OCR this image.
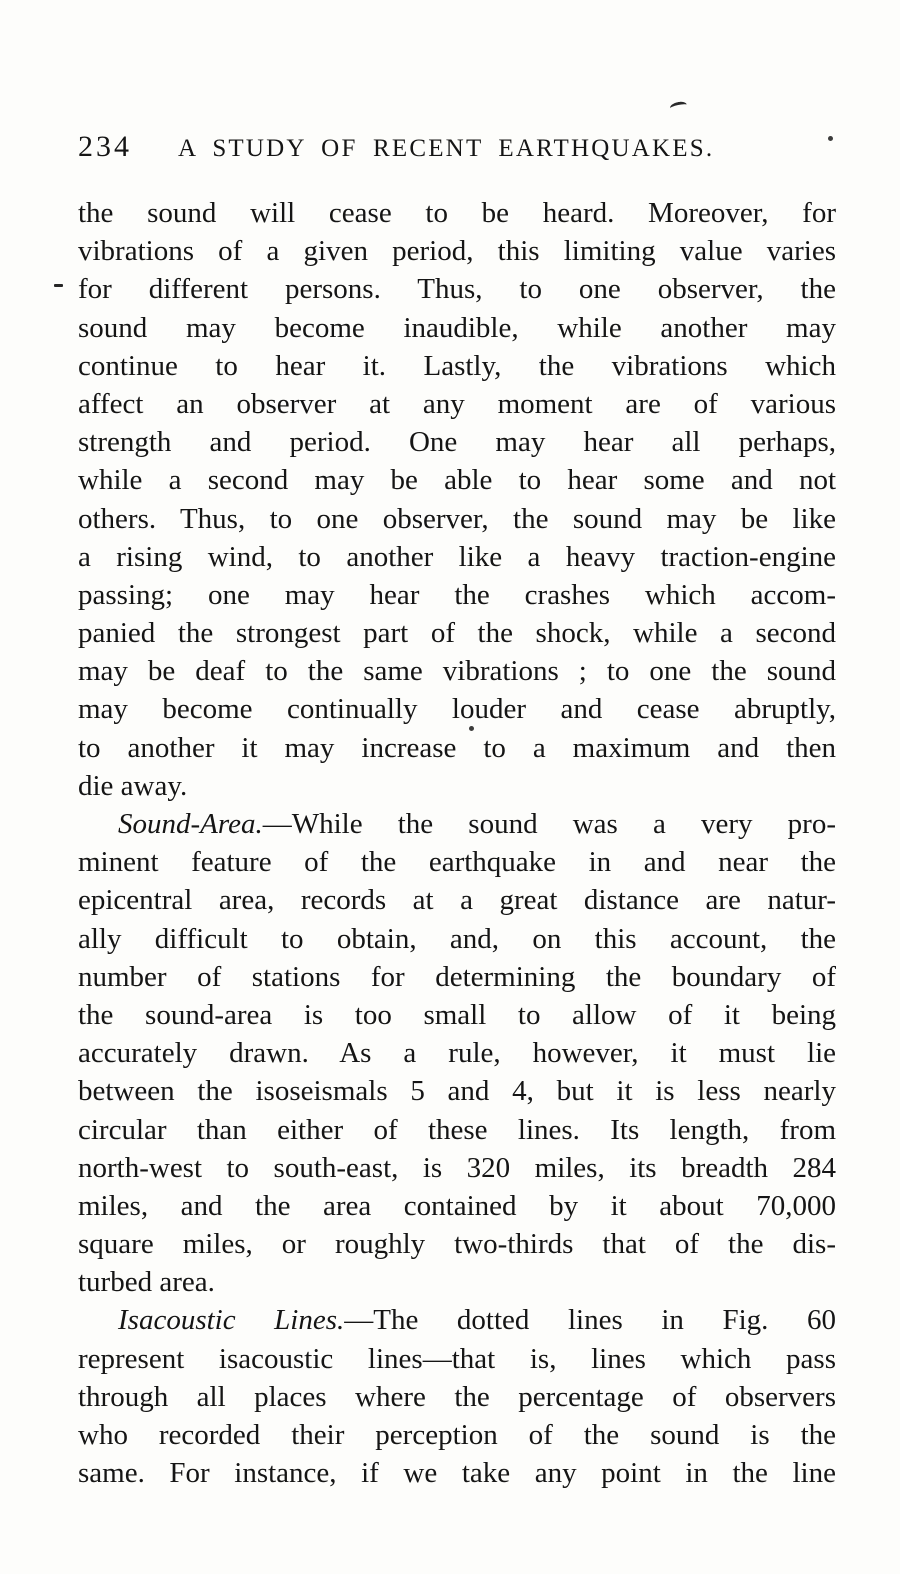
234 A STUDY OF RECENT EARTHQUAKES.
the sound will cease to be heard. Moreover, for
vibrations of a given period, this limiting value varies
for different persons. Thus, to one observer, the
sound may become inaudible, while another may
continue to hear it. Lastly, the vibrations which
affect an observer at any moment are of various
strength and period. One may hear all perhaps,
while a second may be able to hear some and not
others. Thus, to one observer, the sound may be like
a rising wind, to another like a heavy traction-engine
passing; one may hear the crashes which accom-
panied the strongest part of the shock, while a second
may be deaf to the same vibrations ; to one the sound
may become continually louder and cease abruptly,
to another it may increase to a maximum and then
die away.
Sound-Area.—While the sound was a very pro-
minent feature of the earthquake in and near the
epicentral area, records at a great distance are natur-
ally difficult to obtain, and, on this account, the
number of stations for determining the boundary of
the sound-area is too small to allow of it being
accurately drawn. As a rule, however, it must lie
between the isoseismals 5 and 4, but it is less nearly
circular than either of these lines. Its length, from
north-west to south-east, is 320 miles, its breadth 284
miles, and the area contained by it about 70,000
square miles, or roughly two-thirds that of the dis-
turbed area.
Isacoustic Lines.—The dotted lines in Fig. 60
represent isacoustic lines—that is, lines which pass
through all places where the percentage of observers
who recorded their perception of the sound is the
same. For instance, if we take any point in the line
